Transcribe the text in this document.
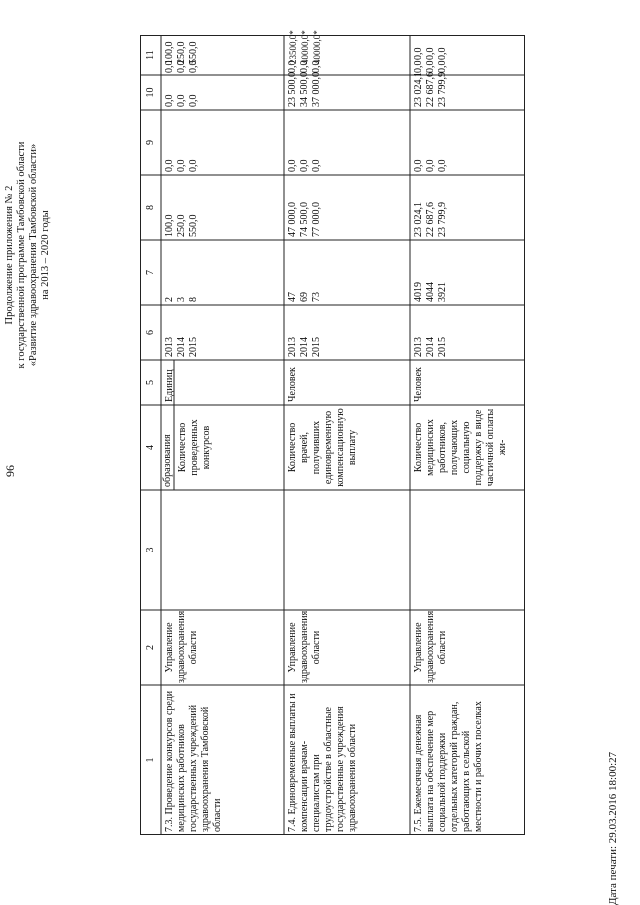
96
Продолжение приложения № 2 к государственной программе Тамбовской области «Развитие здравоохранения Тамбовской области» на 2013 – 2020 годы
Дата печати: 29.03.2016 18:00:27
1
2
3
4
5
6
7
8
9
10
11
образования
7.3. Проведение конкурсов среди медицинских работников государственных учреждений здравоохранения Тамбовской области
Управление здравоохранения области
Количество проведенных конкурсов
Единиц
2013 2014 2015
2 3 8
100,0 250,0 550,0
0,0 0,0 0,0
0,0 0,0 0,0
0,0 0,0 0,0
100,0 250,0 550,0
7.4. Единовременные выплаты и компенсации врачам-специалистам при трудоустройстве в областные государственные учреждения здравоохранения области
Управление здравоохранения области
Количество врачей, получивших единовременную компенсационную выплату
Человек
2013 2014 2015
47 69 73
47 000,0 74 500,0 77 000,0
0,0 0,0 0,0
23 500,0 34 500,0 37 000,0
0,0 0,0 0,0
23500,0* 40000,0* 40000,0*
7.5. Ежемесячная денежная выплата на обеспечение мер социальной поддержки отдельных категорий граждан, работающих в сельской местности и рабочих поселках
Управление здравоохранения области
Количество медицинских работников, получающих социальную поддержку в виде частичной оплаты жи-
Человек
2013 2014 2015
4019 4044 3921
23 024,1 22 687,6 23 799,9
0,0 0,0 0,0
23 024,1 22 687,6 23 799,9
0,0 0,0 0,0
0,0 0,0 0,0
